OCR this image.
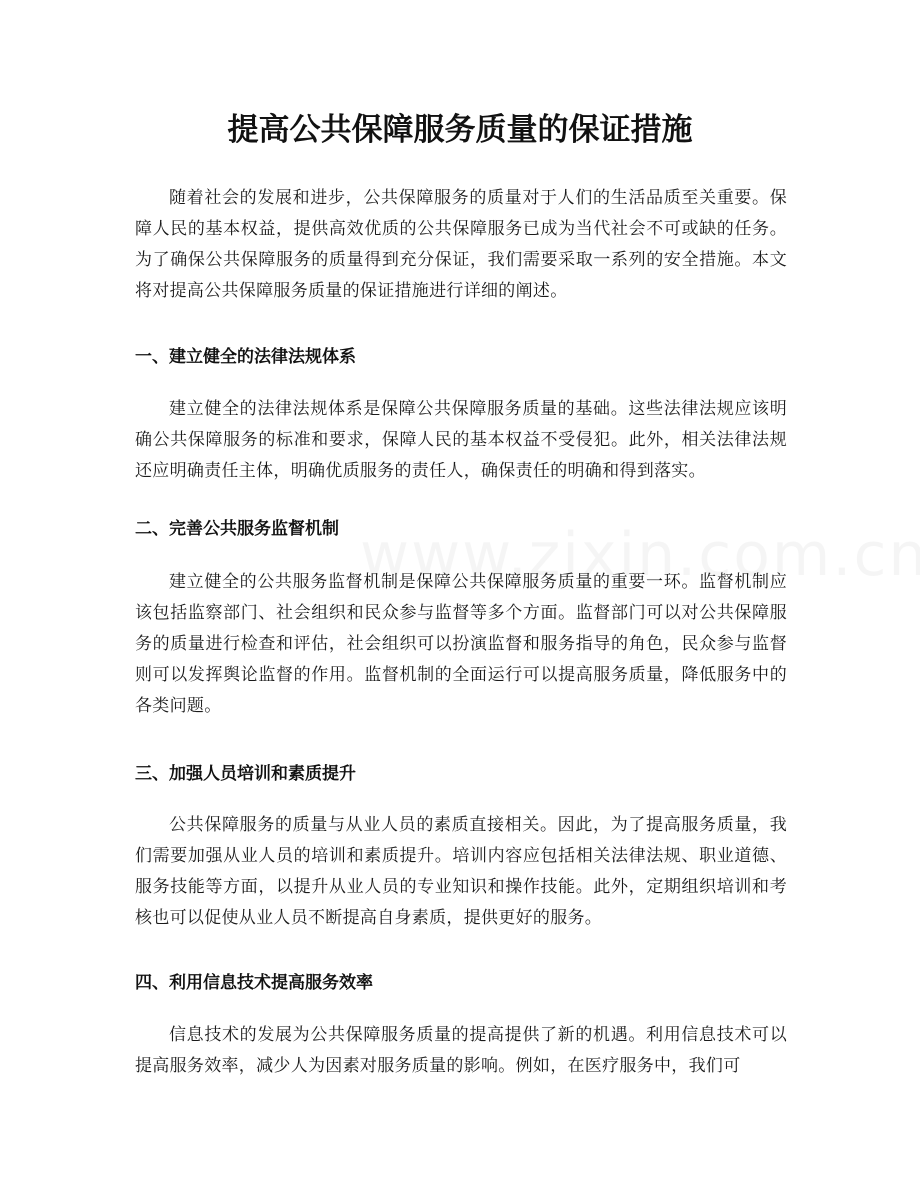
提高公共保障服务质量的保证措施

随着社会的发展和进步，公共保障服务的质量对于人们的生活品质至关重要。保障人民的基本权益，提供高效优质的公共保障服务已成为当代社会不可或缺的任务。为了确保公共保障服务的质量得到充分保证，我们需要采取一系列的安全措施。本文将对提高公共保障服务质量的保证措施进行详细的阐述。

一、建立健全的法律法规体系

建立健全的法律法规体系是保障公共保障服务质量的基础。这些法律法规应该明确公共保障服务的标准和要求，保障人民的基本权益不受侵犯。此外，相关法律法规还应明确责任主体，明确优质服务的责任人，确保责任的明确和得到落实。

二、完善公共服务监督机制

建立健全的公共服务监督机制是保障公共保障服务质量的重要一环。监督机制应该包括监察部门、社会组织和民众参与监督等多个方面。监督部门可以对公共保障服务的质量进行检查和评估，社会组织可以扮演监督和服务指导的角色，民众参与监督则可以发挥舆论监督的作用。监督机制的全面运行可以提高服务质量，降低服务中的各类问题。

三、加强人员培训和素质提升

公共保障服务的质量与从业人员的素质直接相关。因此，为了提高服务质量，我们需要加强从业人员的培训和素质提升。培训内容应包括相关法律法规、职业道德、服务技能等方面，以提升从业人员的专业知识和操作技能。此外，定期组织培训和考核也可以促使从业人员不断提高自身素质，提供更好的服务。

四、利用信息技术提高服务效率

信息技术的发展为公共保障服务质量的提高提供了新的机遇。利用信息技术可以提高服务效率，减少人为因素对服务质量的影响。例如，在医疗服务中，我们可
